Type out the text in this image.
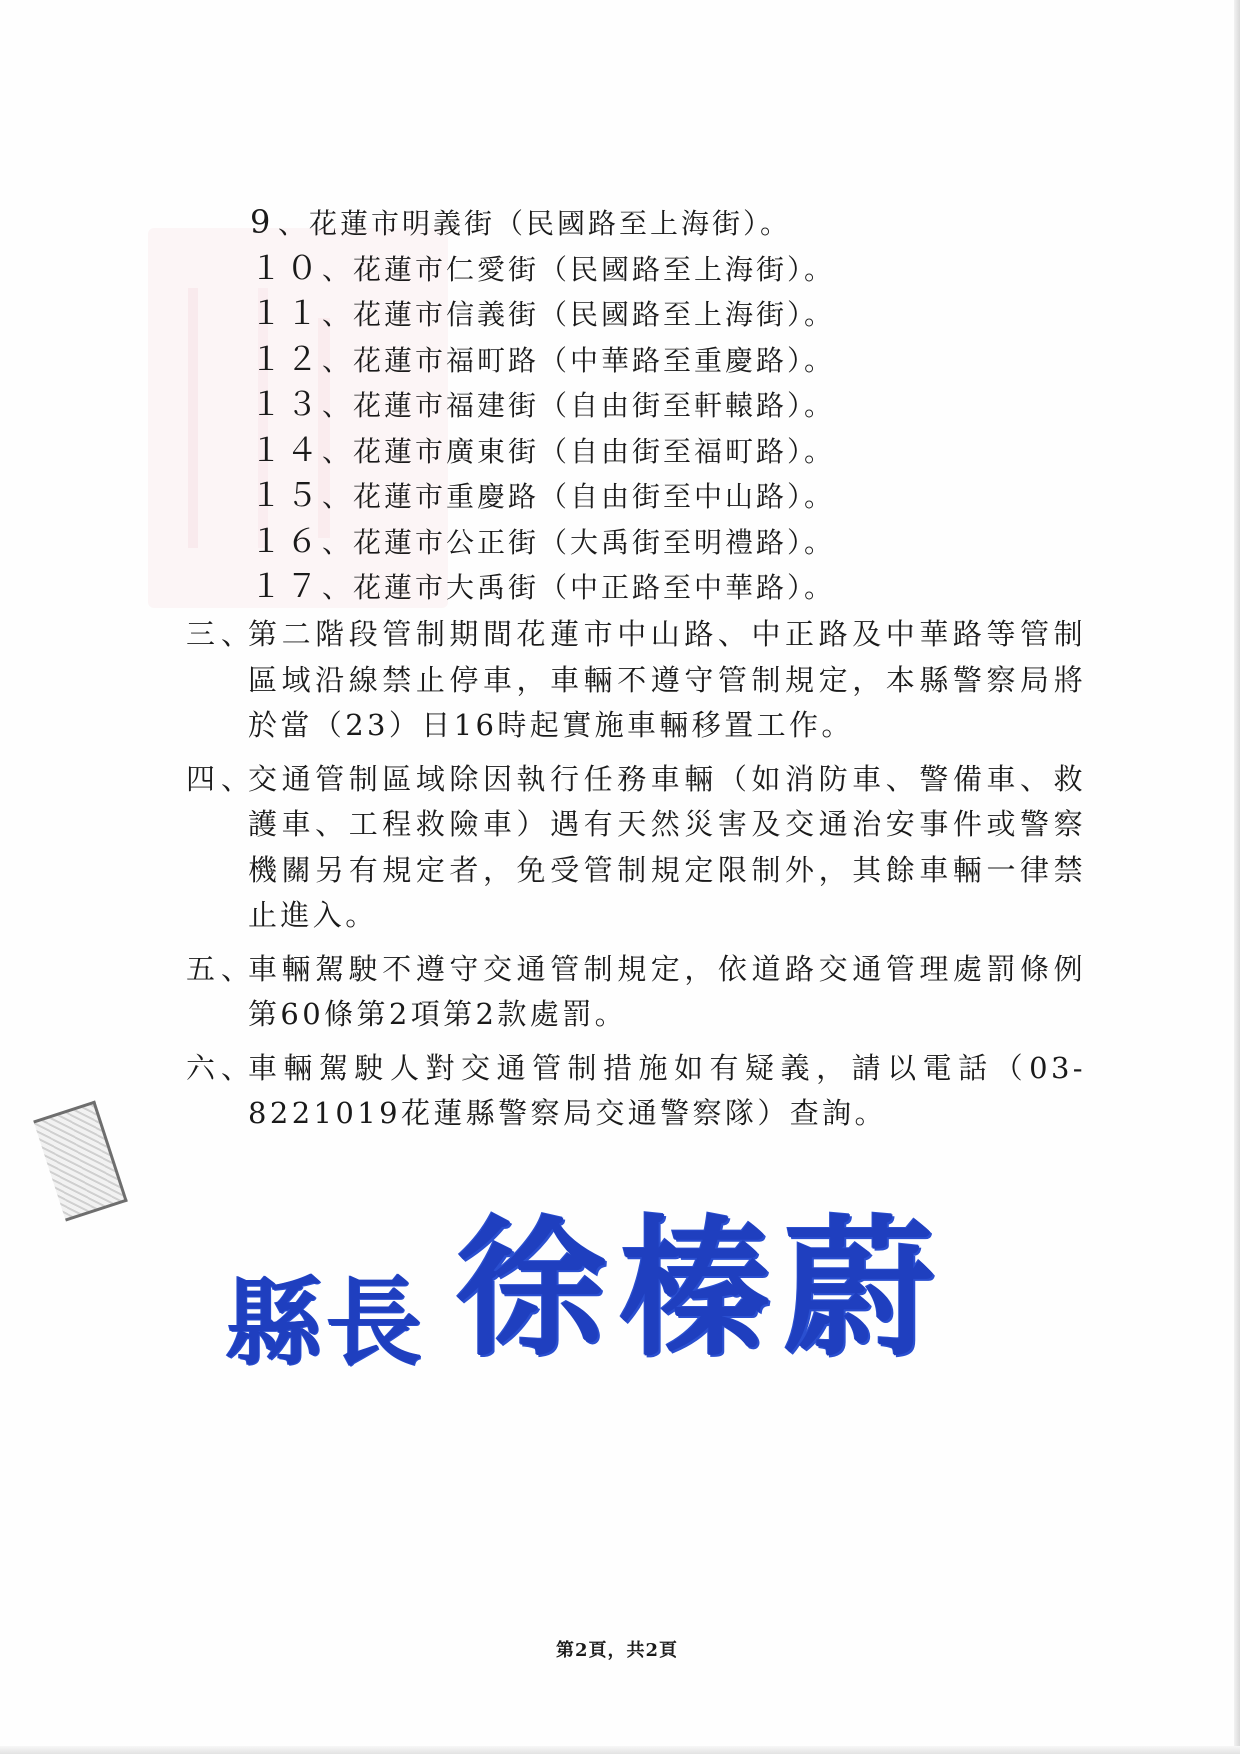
9 、花蓮市明義街（民國路至上海街）。
１０、花蓮市仁愛街（民國路至上海街）。
１１、花蓮市信義街（民國路至上海街）。
１２、花蓮市福町路（中華路至重慶路）。
１３、花蓮市福建街（自由街至軒轅路）。
１４、花蓮市廣東街（自由街至福町路）。
１５、花蓮市重慶路（自由街至中山路）。
１６、花蓮市公正街（大禹街至明禮路）。
１７、花蓮市大禹街（中正路至中華路）。
三、
第二階段管制期間花蓮市中山路、中正路及中華路等管制區域沿線禁止停車，車輛不遵守管制規定，本縣警察局將於當（23）日16時起實施車輛移置工作。
四、
交通管制區域除因執行任務車輛（如消防車、警備車、救護車、工程救險車）遇有天然災害及交通治安事件或警察機關另有規定者，免受管制規定限制外，其餘車輛一律禁止進入。
五、
車輛駕駛不遵守交通管制規定，依道路交通管理處罰條例第60條第2項第2款處罰。
六、
車輛駕駛人對交通管制措施如有疑義，請以電話（03-8221019花蓮縣警察局交通警察隊）查詢。
縣長 徐榛蔚
第2頁，共2頁
